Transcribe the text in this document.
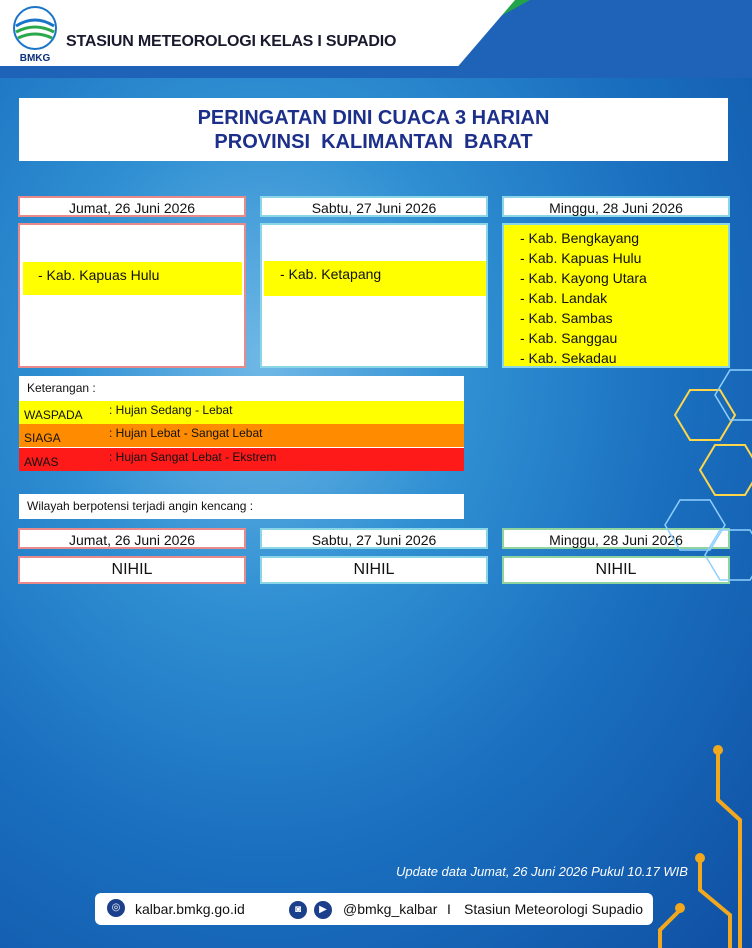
BMKG
STASIUN METEOROLOGI KELAS I SUPADIO
PERINGATAN DINI CUACA 3 HARIAN
PROVINSI  KALIMANTAN  BARAT
Jumat, 26 Juni 2026
- Kab. Kapuas Hulu
Sabtu, 27 Juni 2026
- Kab. Ketapang
Minggu, 28 Juni 2026
- Kab. Bengkayang
- Kab. Kapuas Hulu
- Kab. Kayong Utara
- Kab. Landak
- Kab. Sambas
- Kab. Sanggau
- Kab. Sekadau
Keterangan :
WASPADA : Hujan Sedang - Lebat
SIAGA	: Hujan Lebat - Sangat Lebat
AWAS	: Hujan Sangat Lebat - Ekstrem
Wilayah berpotensi terjadi angin kencang :
Jumat, 26 Juni 2026
NIHIL
Sabtu, 27 Juni 2026
NIHIL
Minggu, 28 Juni 2026
NIHIL
Update data Jumat, 26 Juni 2026 Pukul 10.17 WIB
◎	kalbar.bmkg.go.id	◙	▶	@bmkg_kalbar I Stasiun Meteorologi Supadio
